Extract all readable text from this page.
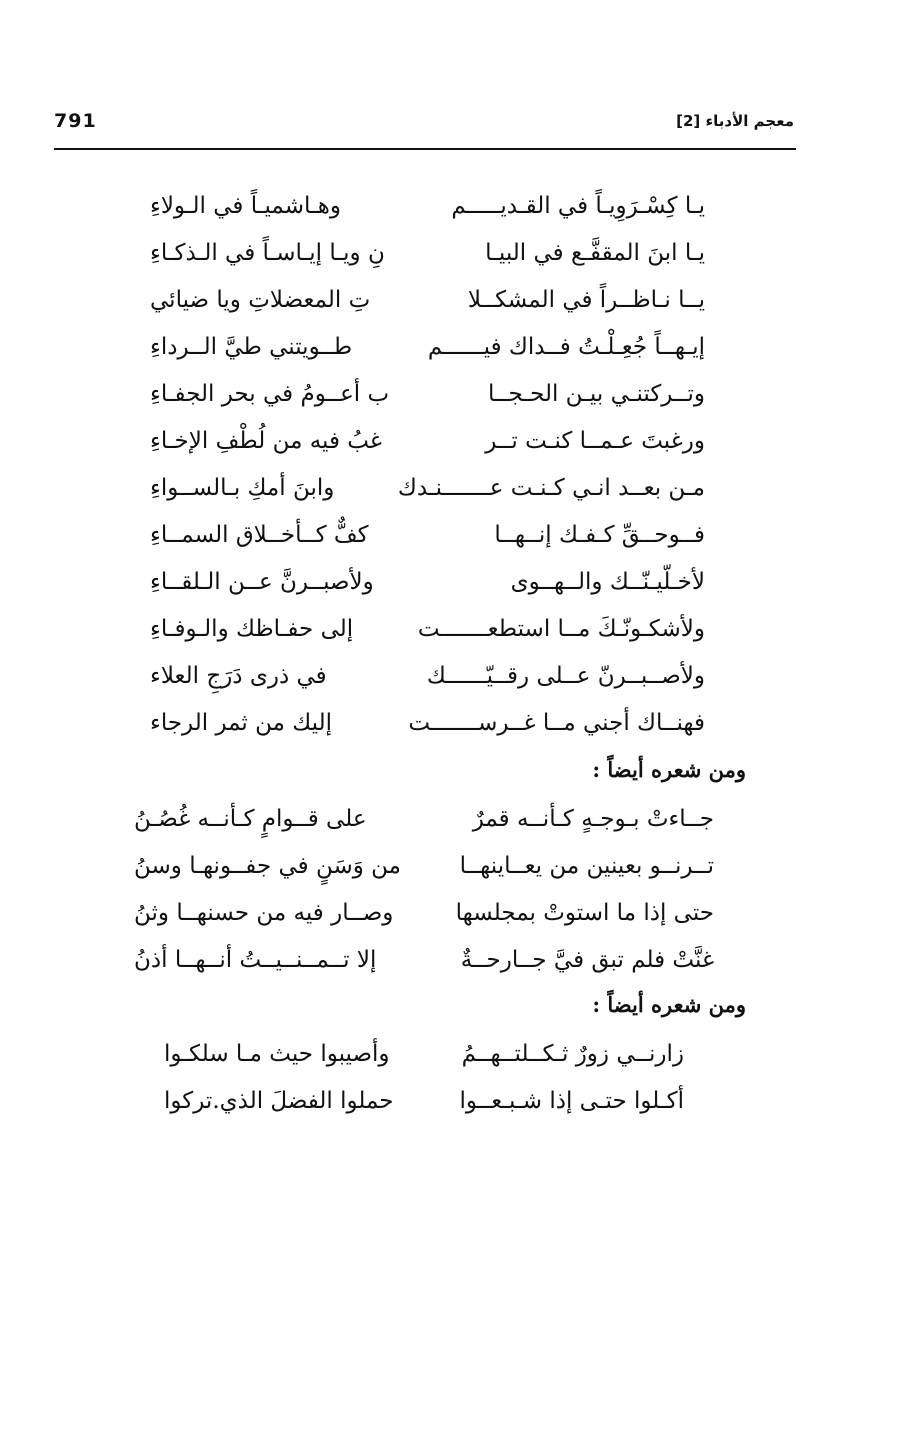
791	معجم الأدباء [2]
يـا كِسْـرَوِيـاً في القـديـــــم
وهـاشميـاً في الـولاءِ
يـا ابنَ المقفَّـع في البيـا
نِ ويـا إيـاسـاً في الـذكـاءِ
يــا نـاظــراً في المشكــلا
تِ المعضلاتِ ويا ضيائي
إيـهــاً جُعِـلْـتُ فــداك فيــــــم
طــويتني طيَّ الــرداءِ
وتــركتنـي بيـن الحـجــا
ب أعــومُ في بحر الجفـاءِ
ورغبتَ عـمــا كنـت تــر
غبُ فيه من لُطْفِ الإخـاءِ
مـن بعــد انـي كـنـت عـــــــنـدك
وابنَ أمكِ بـالســواءِ
فــوحــقِّ كـفـك إنــهــا
كفٌّ كــأخــلاق السمــاءِ
لأخـلّيـنّــك والــهــوى
ولأصبــرنَّ عــن الـلقــاءِ
ولأشكـونّـكَ مــا استطعـــــــت
إلى حفـاظك والـوفـاءِ
ولأصــبــرنّ عــلى رقــيّــــــك
في ذرى دَرَجِ العلاء
فهنــاك أجني مــا غــرســـــــت
إليك من ثمر الرجاء
ومن شعره أيضاً :
جــاءتْ بـوجـهٍ كـأنــه قمرٌ
على قــوامٍ كـأنــه غُصُـنُ
تــرنــو بعينين من يعــاينهــا
من وَسَنٍ في جفــونهـا وسنُ
حتى إذا ما استوتْ بمجلسها
وصــار فيه من حسنهــا وثنُ
غنَّتْ فلم تبق فيَّ جــارحــةٌ
إلا تــمــنــيــتُ أنــهــا أذنُ
ومن شعره أيضاً :
زارنــي زورٌ ثـكــلتــهــمُ
وأصيبوا حيث مـا سلكـوا
أكـلوا حتـى إذا شـبـعــوا
حملوا الفضلَ الذي.تركوا
